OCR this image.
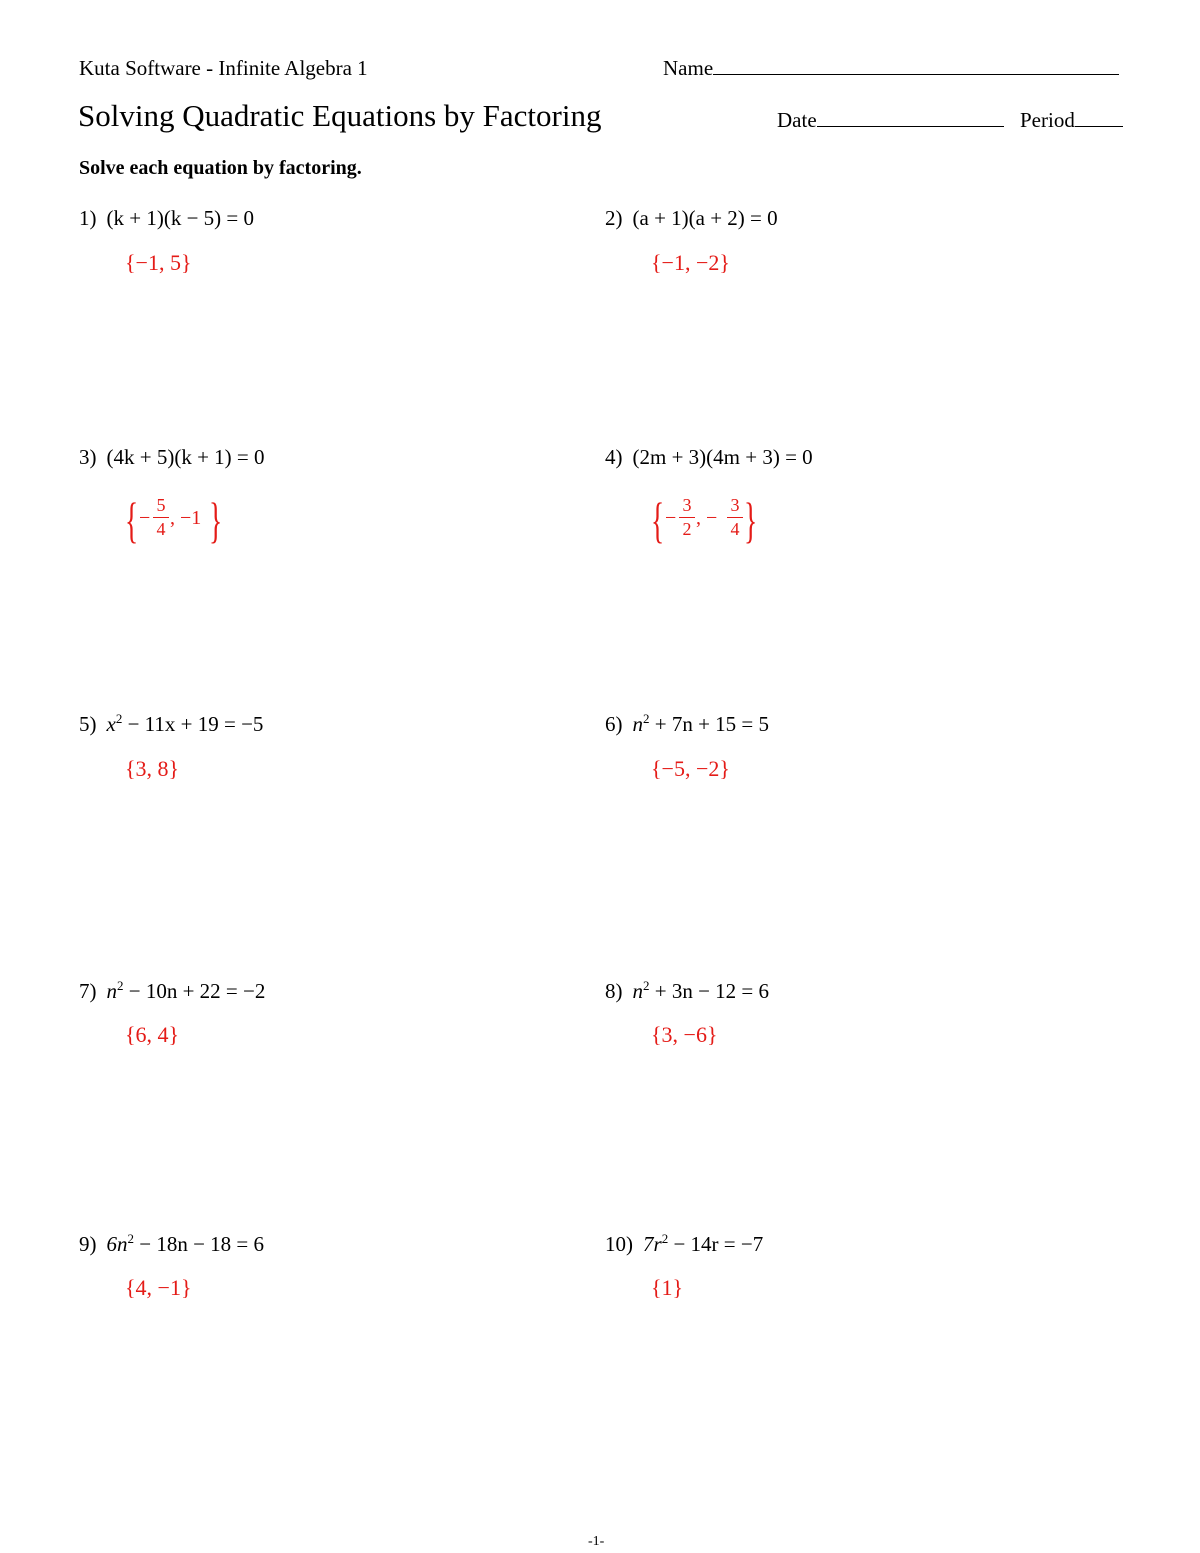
Kuta Software - Infinite Algebra 1	Name
Solving Quadratic Equations by Factoring	Date	Period
Solve each equation by factoring.
1) (k + 1)(k − 5) = 0
{−1, 5}
2) (a + 1)(a + 2) = 0
{−1, −2}
3) (4k + 5)(k + 1) = 0
{ −
5
4 , −1 }
4) (2m + 3)(4m + 3) = 0
{ −
3
2 , −
3
4 }
5) $x^2 - 11x + 19 = -5$
{3, 8}
6) $n^2 + 7n + 15 = 5$
{−5, −2}
7) $n^2 - 10n + 22 = -2$
{6, 4}
8) $n^2 + 3n - 12 = 6$
{3, −6}
9) $6n^2 - 18n - 18 = 6$
{4, −1}
10) $7r^2 - 14r = -7$
{1}
-1-
